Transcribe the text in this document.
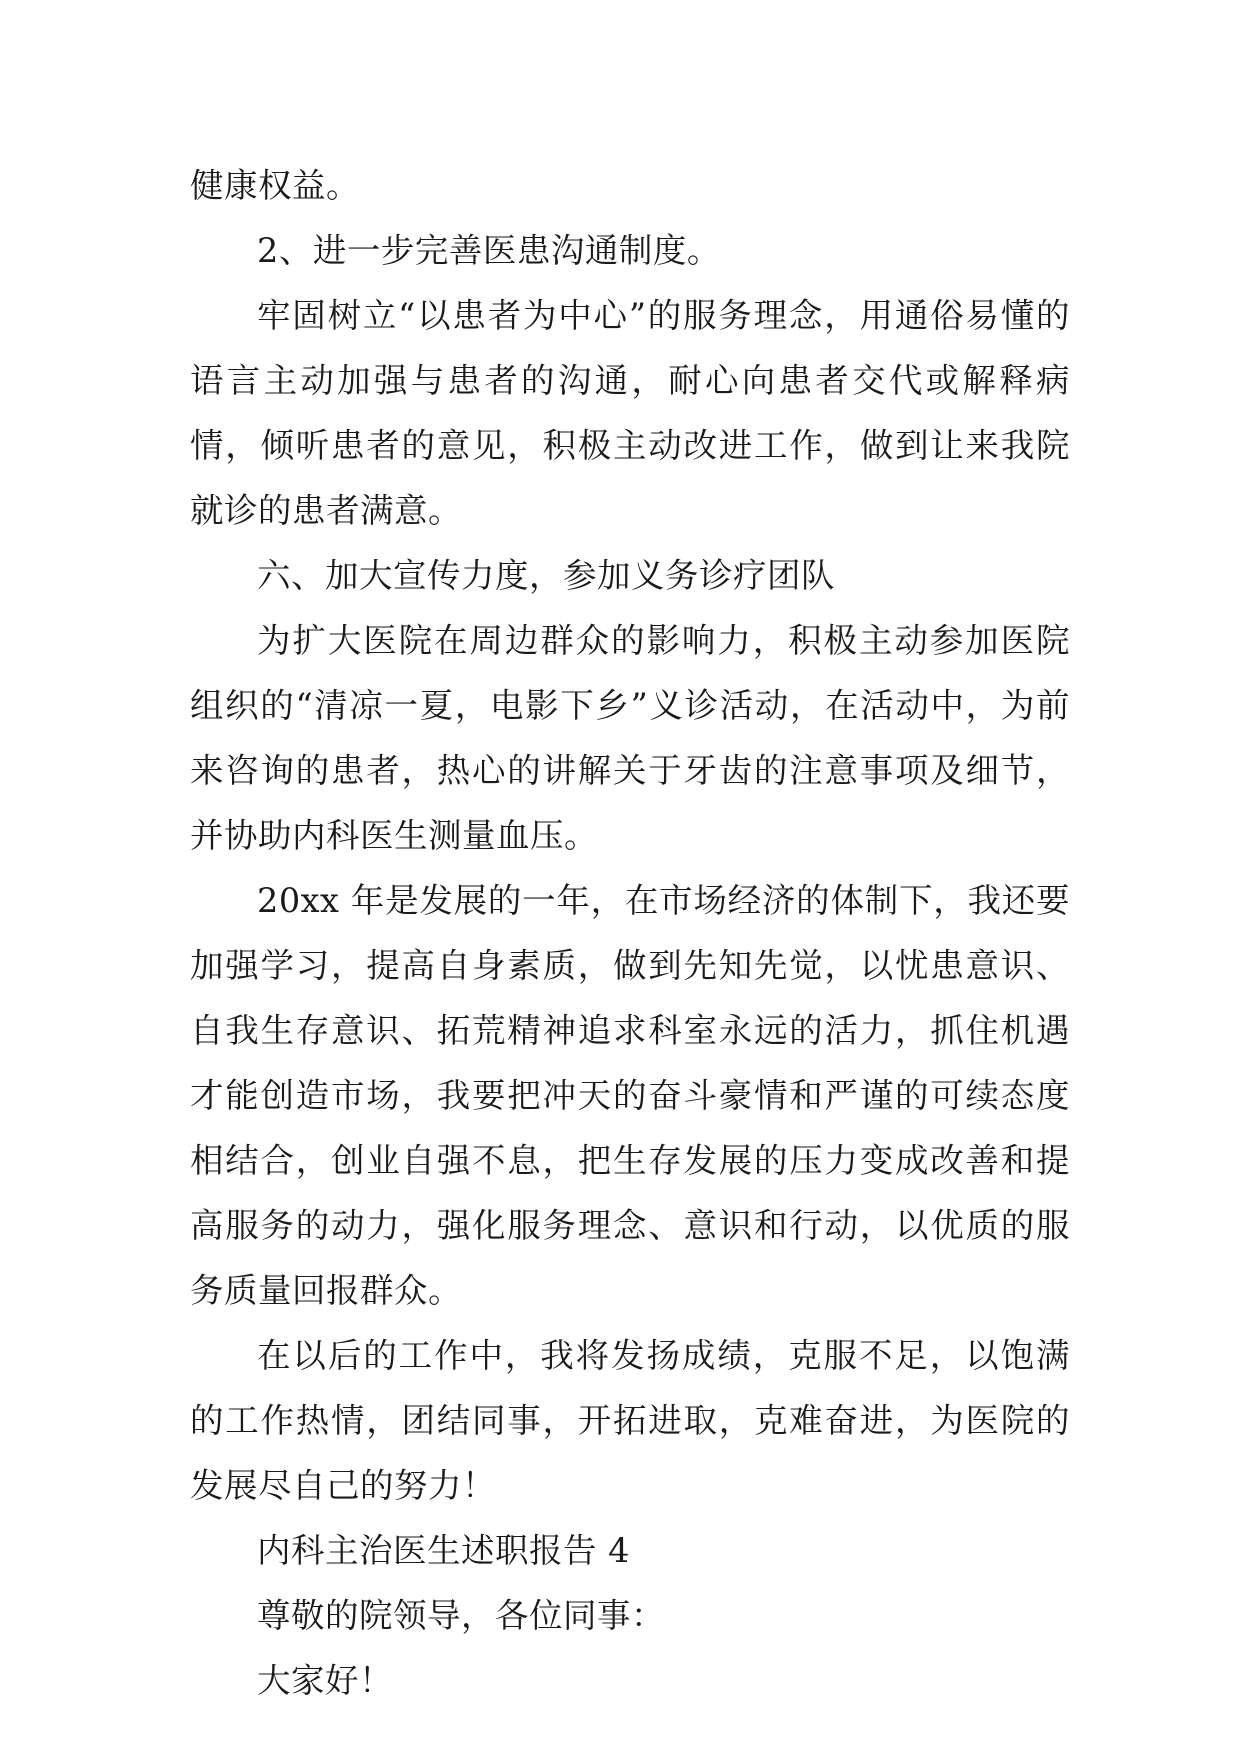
健康权益。

2、进一步完善医患沟通制度。

牢固树立“以患者为中心”的服务理念，用通俗易懂的语言主动加强与患者的沟通，耐心向患者交代或解释病情，倾听患者的意见，积极主动改进工作，做到让来我院就诊的患者满意。

六、加大宣传力度，参加义务诊疗团队

为扩大医院在周边群众的影响力，积极主动参加医院组织的“清凉一夏，电影下乡”义诊活动，在活动中，为前来咨询的患者，热心的讲解关于牙齿的注意事项及细节，并协助内科医生测量血压。

20xx 年是发展的一年，在市场经济的体制下，我还要加强学习，提高自身素质，做到先知先觉，以忧患意识、自我生存意识、拓荒精神追求科室永远的活力，抓住机遇才能创造市场，我要把冲天的奋斗豪情和严谨的可续态度相结合，创业自强不息，把生存发展的压力变成改善和提高服务的动力，强化服务理念、意识和行动，以优质的服务质量回报群众。

在以后的工作中，我将发扬成绩，克服不足，以饱满的工作热情，团结同事，开拓进取，克难奋进，为医院的发展尽自己的努力！

内科主治医生述职报告 4

尊敬的院领导，各位同事：

大家好！
